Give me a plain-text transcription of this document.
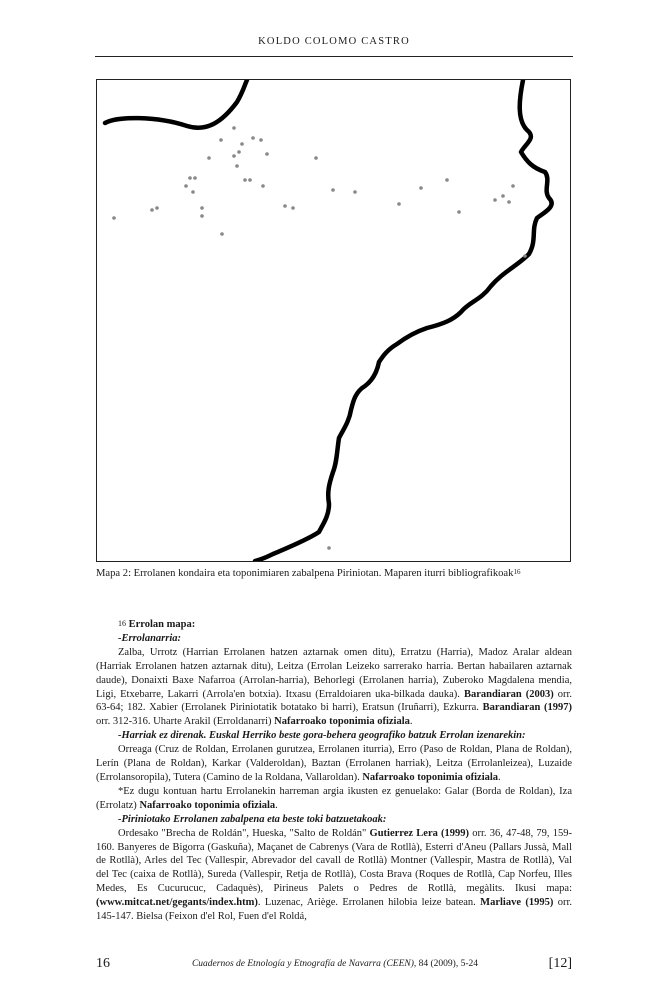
KOLDO COLOMO CASTRO
Mapa 2: Errolanen kondaira eta toponimiaren zabalpena Piriniotan. Maparen iturri bibliografikoak$^{16}$

$^{16}$ Errolan mapa:

-Errolanarria:

Zalba, Urrotz (Harrian Errolanen hatzen aztarnak omen ditu), Erratzu (Harria), Madoz Aralar aldean (Harriak Errolanen hatzen aztarnak ditu), Leitza (Errolan Leizeko sarrerako harria. Bertan habailaren aztarnak daude), Donaixti Baxe Nafarroa (Arrolan-harria), Behorlegi (Errolanen harria), Zuberoko Magdalena mendia, Ligi, Etxebarre, Lakarri (Arrola'en botxia). Itxasu (Erraldoiaren uka-bilkada dauka). Barandiaran (2003) orr. 63-64; 182. Xabier (Errolanek Piriniotatik botatako bi harri), Eratsun (Iruñarri), Ezkurra. Barandiaran (1997) orr. 312-316. Uharte Arakil (Erroldanarri) Nafarroako toponimia ofiziala.

-Harriak ez direnak. Euskal Herriko beste gora-behera geografiko batzuk Errolan izenarekin:

Orreaga (Cruz de Roldan, Errolanen gurutzea, Errolanen iturria), Erro (Paso de Roldan, Plana de Roldan), Lerín (Plana de Roldan), Karkar (Valderoldan), Baztan (Errolanen harriak), Leitza (Errolanleizea), Luzaide (Errolansoropila), Tutera (Camino de la Roldana, Vallaroldan). Nafarroako toponimia ofiziala.

*Ez dugu kontuan hartu Errolanekin harreman argia ikusten ez genuelako: Galar (Borda de Roldan), Iza (Errolatz) Nafarroako toponimia ofiziala.

-Piriniotako Errolanen zabalpena eta beste toki batzuetakoak:

Ordesako "Brecha de Roldán", Hueska, "Salto de Roldán" Gutierrez Lera (1999) orr. 36, 47-48, 79, 159-160. Banyeres de Bigorra (Gaskuña), Maçanet de Cabrenys (Vara de Rotllà), Esterri d'Aneu (Pallars Jussà, Mall de Rotllà), Arles del Tec (Vallespir, Abrevador del cavall de Rotllà) Montner (Vallespir, Mastra de Rotllà), Val del Tec (caixa de Rotllà), Sureda (Vallespir, Retja de Rotllà), Costa Brava (Roques de Rotllà, Cap Norfeu, Illes Medes, Es Cucurucuc, Cadaquès), Pirineus Palets o Pedres de Rotllà, megàlits. Ikusi mapa: (www.mitcat.net/gegants/index.htm). Luzenac, Ariège. Errolanen hilobia leize batean. Marliave (1995) orr. 145-147. Bielsa (Feixon d'el Rol, Fuen d'el Roldá,

16	Cuadernos de Etnología y Etnografía de Navarra (CEEN), 84 (2009), 5-24	[12]
